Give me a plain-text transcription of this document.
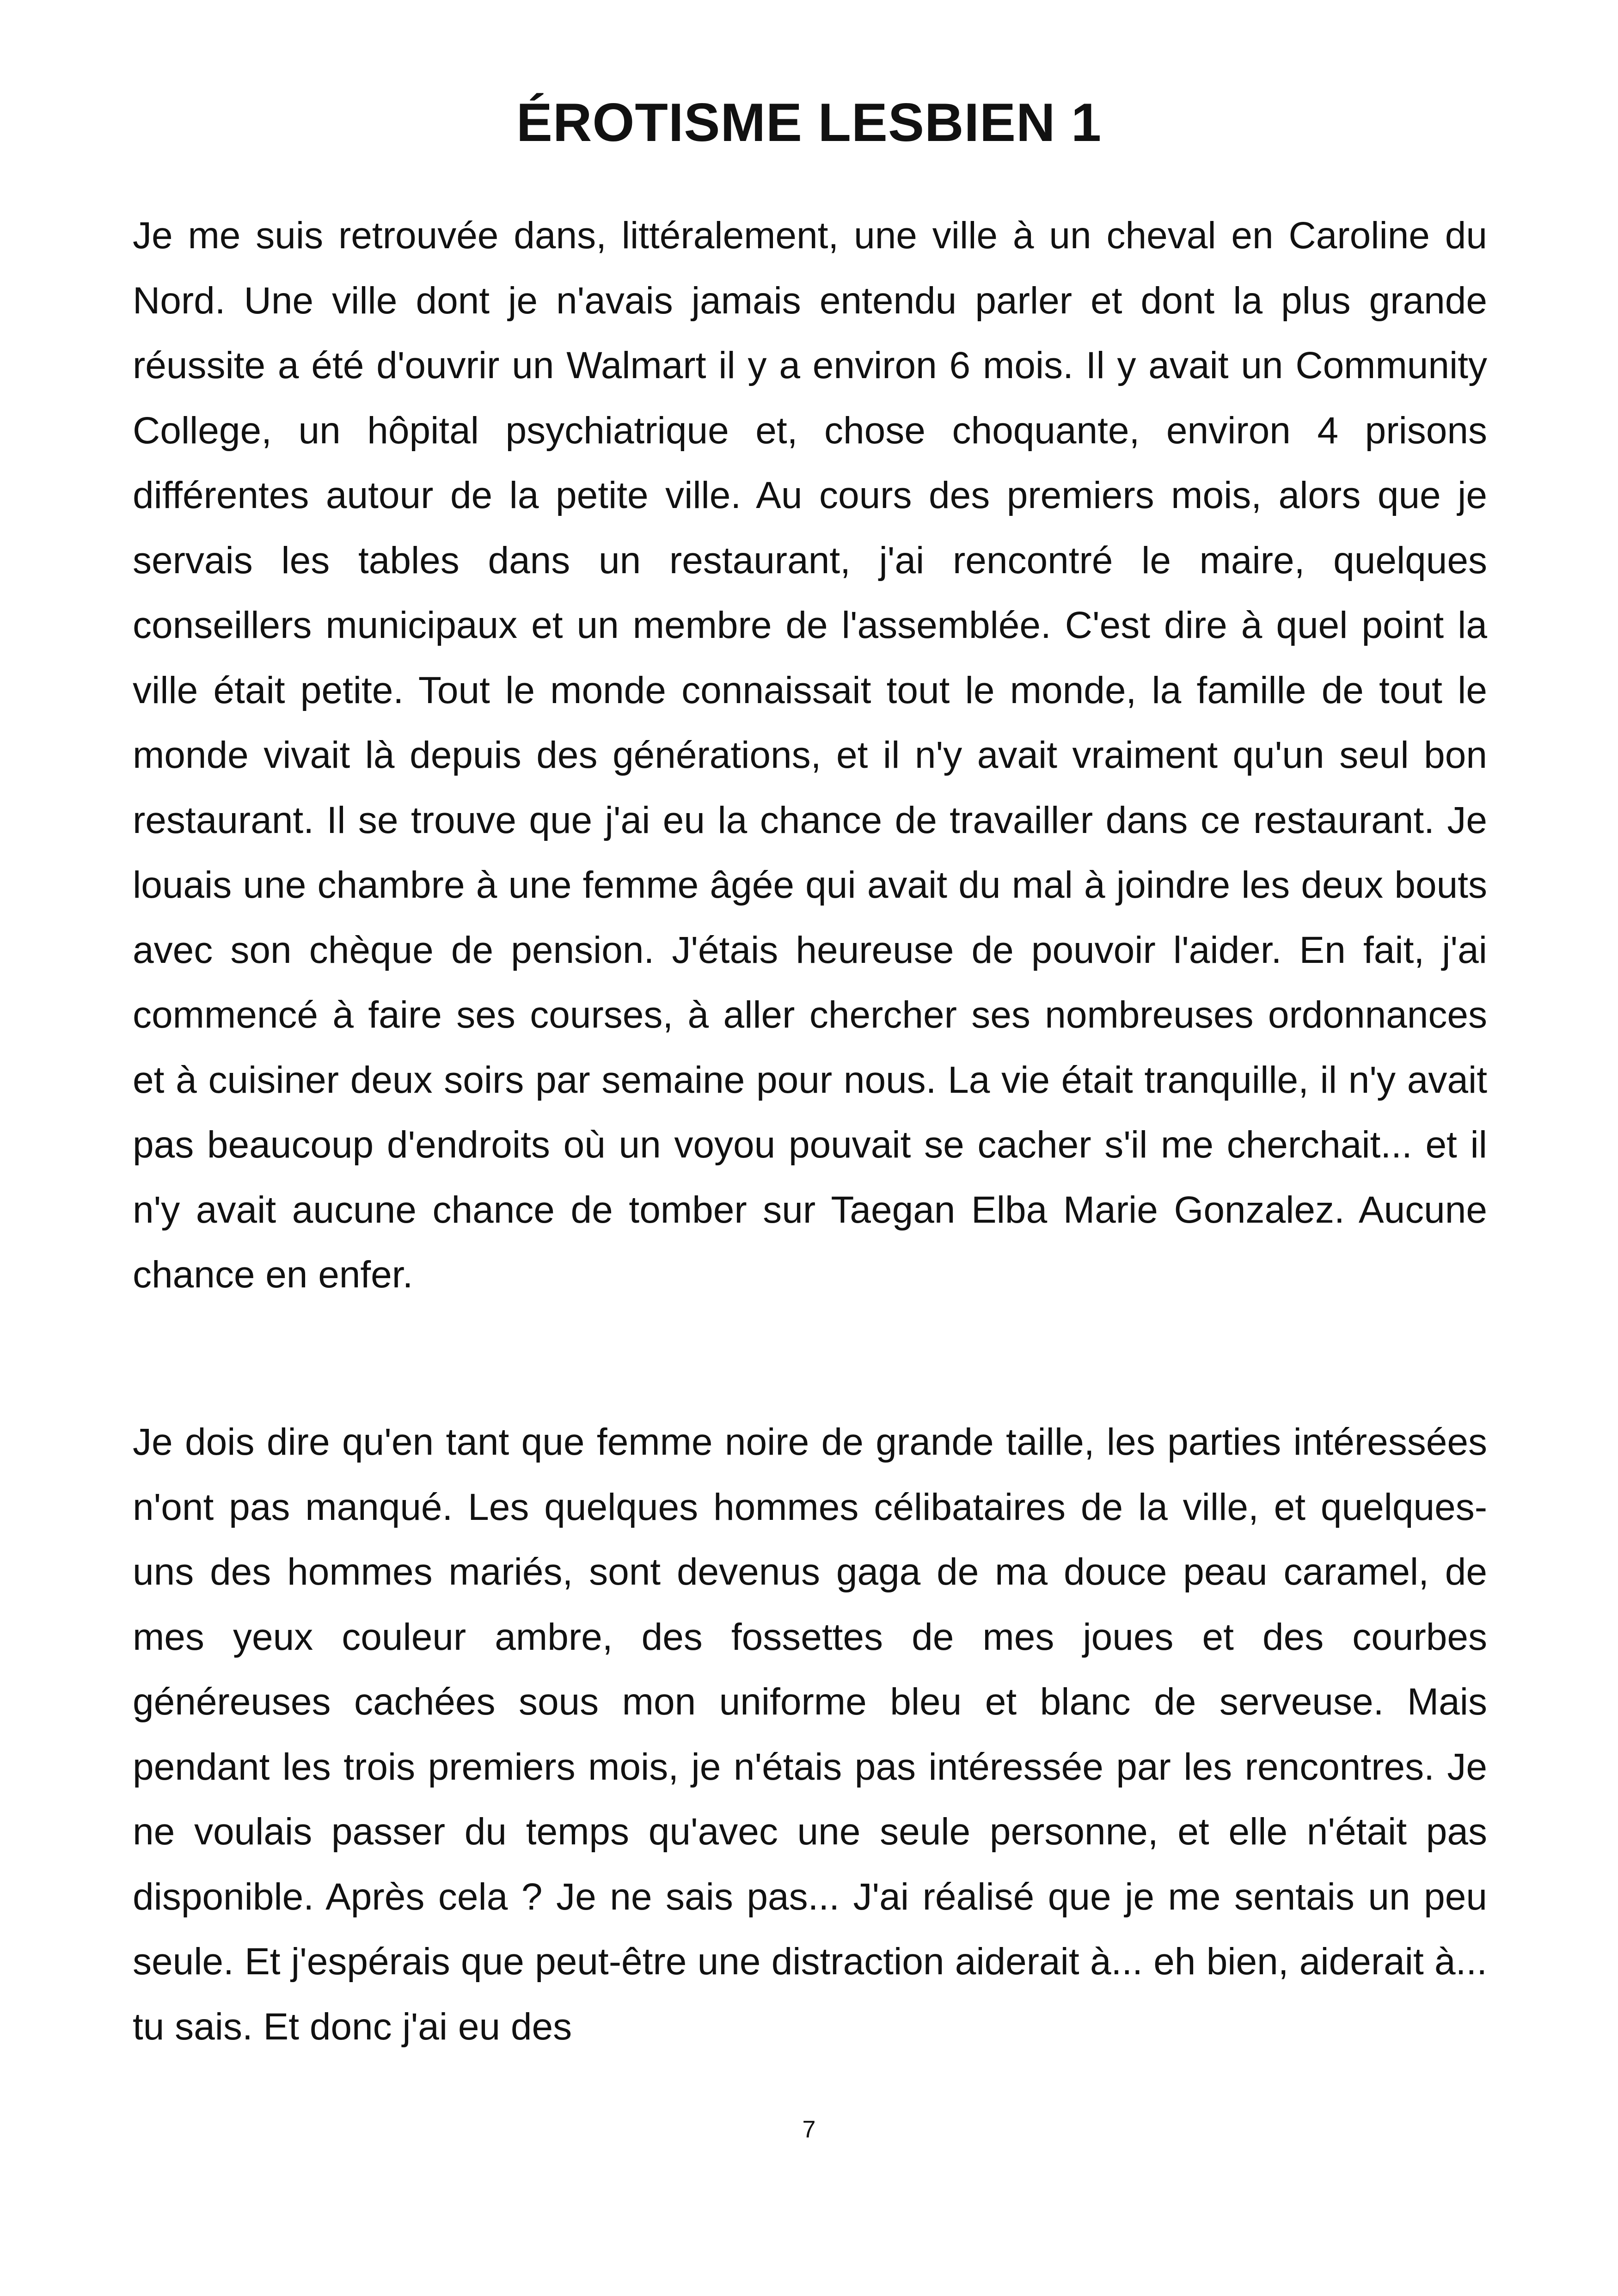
ÉROTISME LESBIEN 1

Je me suis retrouvée dans, littéralement, une ville à un cheval en Caroline du Nord. Une ville dont je n'avais jamais entendu parler et dont la plus grande réussite a été d'ouvrir un Walmart il y a environ 6 mois. Il y avait un Community College, un hôpital psychiatrique et, chose choquante, environ 4 prisons différentes autour de la petite ville. Au cours des premiers mois, alors que je servais les tables dans un restaurant, j'ai rencontré le maire, quelques conseillers municipaux et un membre de l'assemblée. C'est dire à quel point la ville était petite. Tout le monde connaissait tout le monde, la famille de tout le monde vivait là depuis des générations, et il n'y avait vraiment qu'un seul bon restaurant. Il se trouve que j'ai eu la chance de travailler dans ce restaurant. Je louais une chambre à une femme âgée qui avait du mal à joindre les deux bouts avec son chèque de pension. J'étais heureuse de pouvoir l'aider. En fait, j'ai commencé à faire ses courses, à aller chercher ses nombreuses ordonnances et à cuisiner deux soirs par semaine pour nous. La vie était tranquille, il n'y avait pas beaucoup d'endroits où un voyou pouvait se cacher s'il me cherchait... et il n'y avait aucune chance de tomber sur Taegan Elba Marie Gonzalez. Aucune chance en enfer.

Je dois dire qu'en tant que femme noire de grande taille, les parties intéressées n'ont pas manqué. Les quelques hommes célibataires de la ville, et quelques-uns des hommes mariés, sont devenus gaga de ma douce peau caramel, de mes yeux couleur ambre, des fossettes de mes joues et des courbes généreuses cachées sous mon uniforme bleu et blanc de serveuse. Mais pendant les trois premiers mois, je n'étais pas intéressée par les rencontres. Je ne voulais passer du temps qu'avec une seule personne, et elle n'était pas disponible. Après cela ? Je ne sais pas... J'ai réalisé que je me sentais un peu seule. Et j'espérais que peut-être une distraction aiderait à... eh bien, aiderait à... tu sais. Et donc j'ai eu des

7
